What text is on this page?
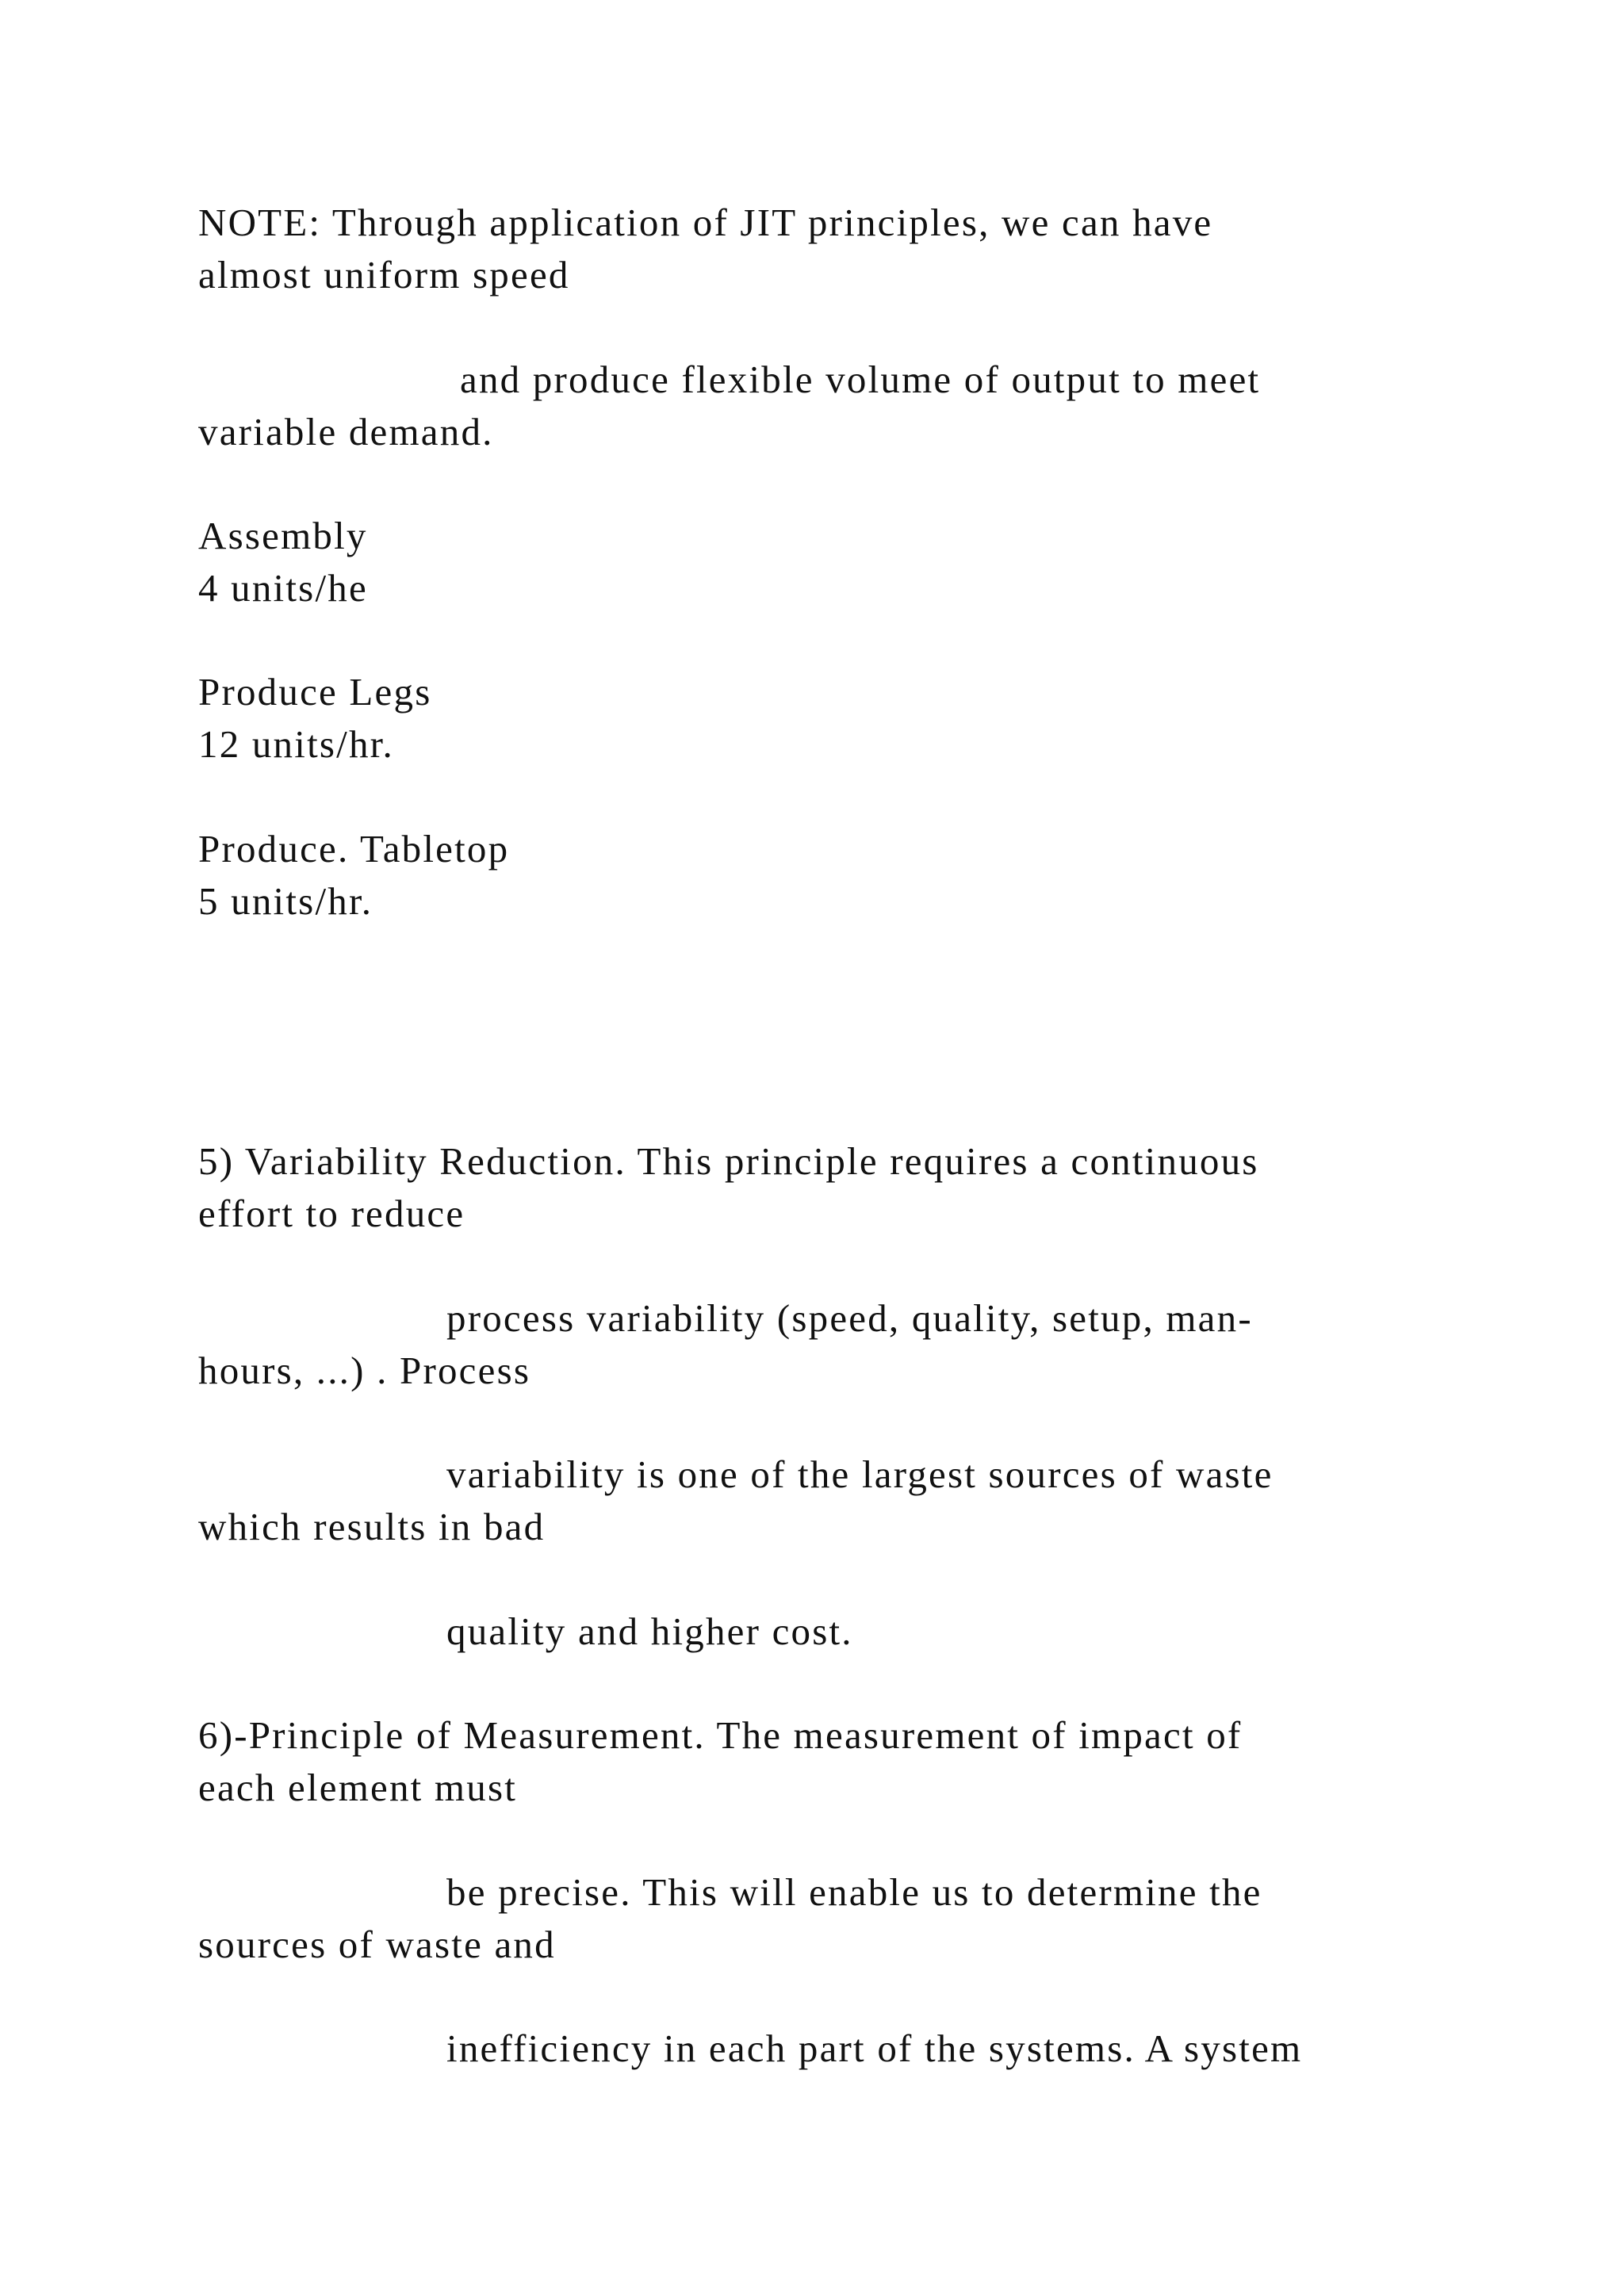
NOTE: Through application of JIT principles, we can have

almost uniform speed

and produce flexible volume of output to meet

variable demand.

Assembly

4 units/he

Produce Legs

12 units/hr.

Produce. Tabletop

5 units/hr.

5) Variability Reduction. This principle requires a continuous

effort to reduce

process variability (speed, quality, setup, man-

hours, ...) . Process

variability is one of the largest sources of waste

which results in bad

quality and higher cost.

6)-Principle of Measurement. The measurement of impact of

each element must

be precise. This will enable us to determine the

sources of waste and

inefficiency in each part of the systems. A system
